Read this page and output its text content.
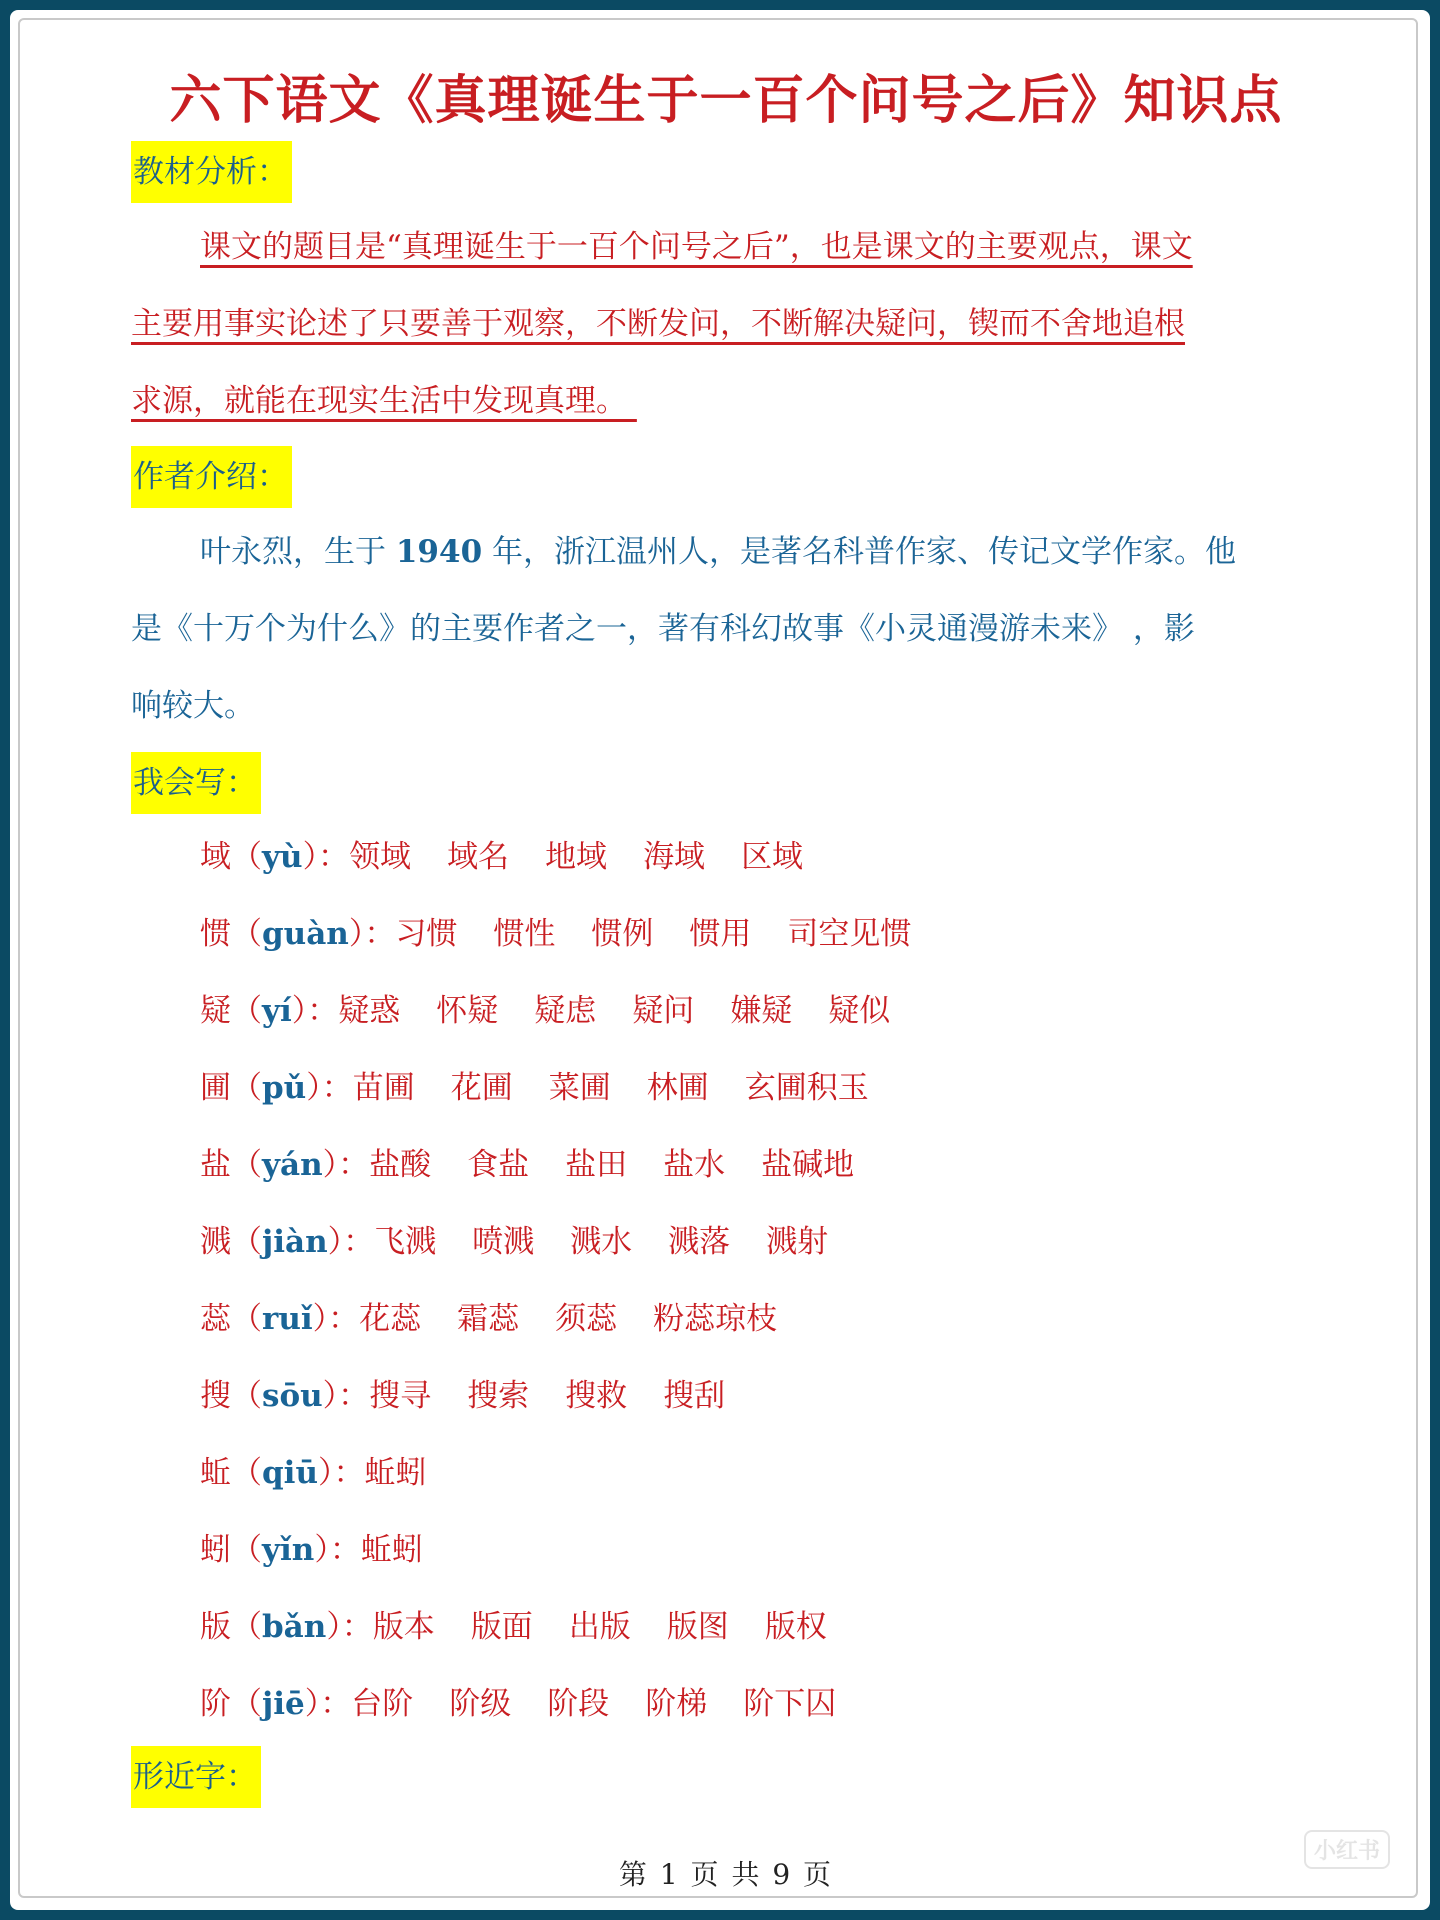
六下语文《真理诞生于一百个问号之后》知识点
教材分析：
课文的题目是“真理诞生于一百个问号之后”，也是课文的主要观点，课文
主要用事实论述了只要善于观察，不断发问，不断解决疑问，锲而不舍地追根
求源，就能在现实生活中发现真理。
作者介绍：
叶永烈，生于 1940 年，浙江温州人，是著名科普作家、传记文学作家。他
是《十万个为什么》的主要作者之一，著有科幻故事《小灵通漫游未来》 ，影
响较大。
我会写：
域（yù）：领域 域名 地域 海域 区域
惯（guàn）：习惯 惯性 惯例 惯用 司空见惯
疑（yí）：疑惑 怀疑 疑虑 疑问 嫌疑 疑似
圃（pǔ）：苗圃 花圃 菜圃 林圃 玄圃积玉
盐（yán）：盐酸 食盐 盐田 盐水 盐碱地
溅（jiàn）：飞溅 喷溅 溅水 溅落 溅射
蕊（ruǐ）：花蕊 霜蕊 须蕊 粉蕊琼枝
搜（sōu）：搜寻 搜索 搜救 搜刮
蚯（qiū）：蚯蚓
蚓（yǐn）：蚯蚓
版（bǎn）：版本 版面 出版 版图 版权
阶（jiē）：台阶 阶级 阶段 阶梯 阶下囚
形近字：
第 1 页 共 9 页
小红书
